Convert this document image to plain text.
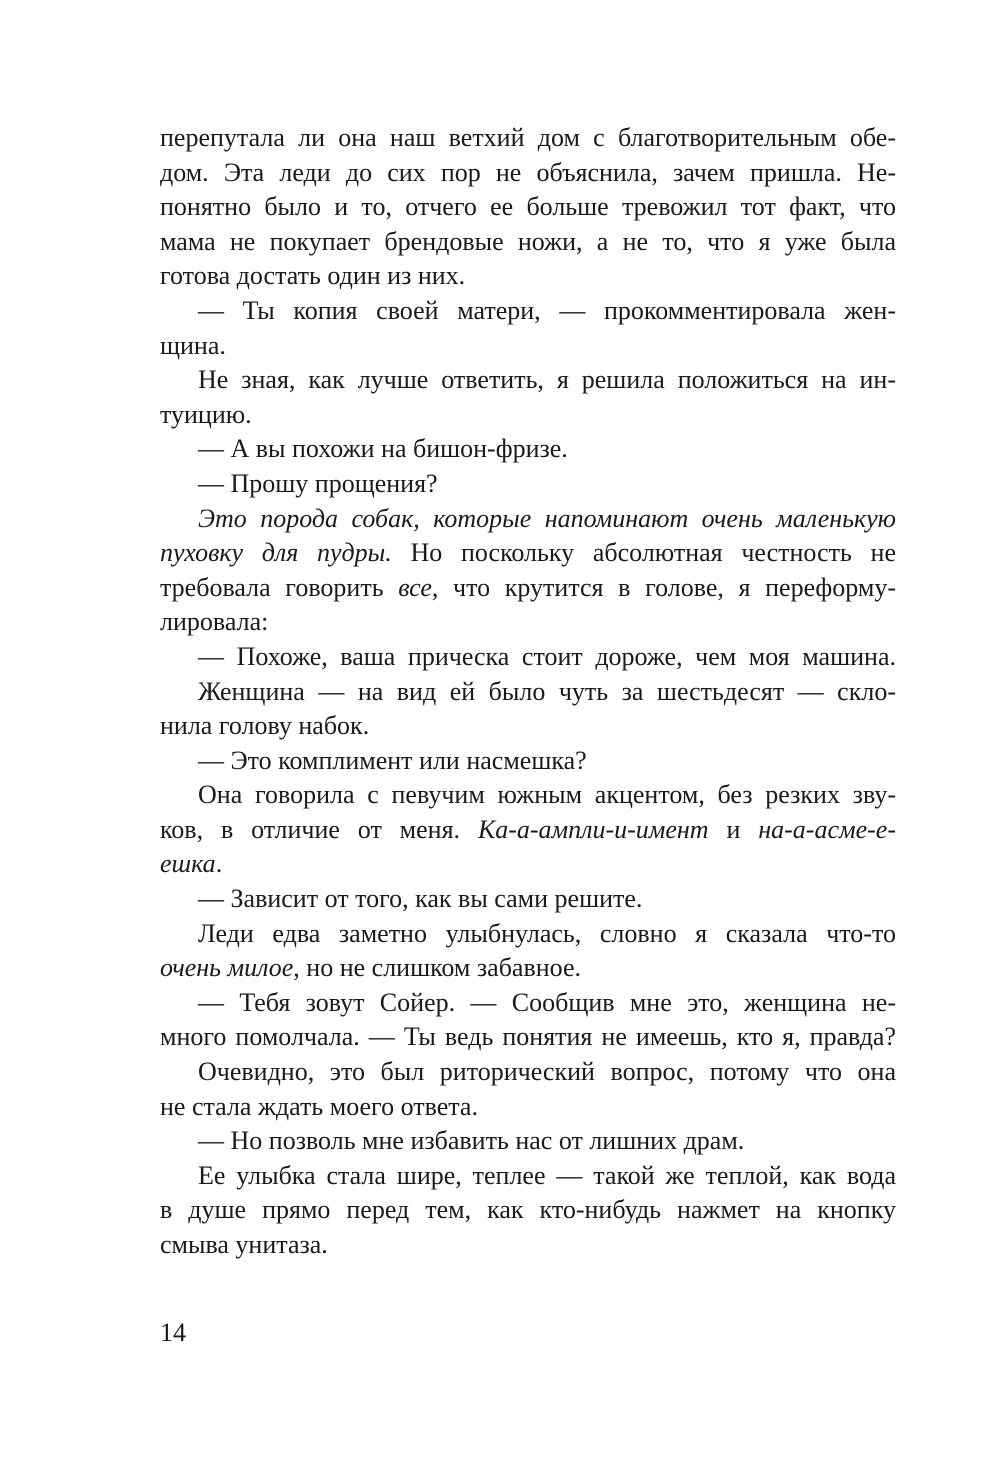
перепутала ли она наш ветхий дом с благотворительным обе-
дом. Эта леди до сих пор не объяснила, зачем пришла. Не-
понятно было и то, отчего ее больше тревожил тот факт, что
мама не покупает брендовые ножи, а не то, что я уже была
готова достать один из них.
— Ты копия своей матери, — прокомментировала жен-
щина.
Не зная, как лучше ответить, я решила положиться на ин-
туицию.
— А вы похожи на бишон-фризе.
— Прошу прощения?
Это порода собак, которые напоминают очень маленькую
пуховку для пудры. Но поскольку абсолютная честность не
требовала говорить все, что крутится в голове, я переформу-
лировала:
— Похоже, ваша прическа стоит дороже, чем моя машина.
Женщина — на вид ей было чуть за шестьдесят — скло-
нила голову набок.
— Это комплимент или насмешка?
Она говорила с певучим южным акцентом, без резких зву-
ков, в отличие от меня. Ка-а-ампли-и-имент и на-а-асме-е-
ешка.
— Зависит от того, как вы сами решите.
Леди едва заметно улыбнулась, словно я сказала что-то
очень милое, но не слишком забавное.
— Тебя зовут Сойер. — Сообщив мне это, женщина не-
много помолчала. — Ты ведь понятия не имеешь, кто я, правда?
Очевидно, это был риторический вопрос, потому что она
не стала ждать моего ответа.
— Но позволь мне избавить нас от лишних драм.
Ее улыбка стала шире, теплее — такой же теплой, как вода
в душе прямо перед тем, как кто-нибудь нажмет на кнопку
смыва унитаза.
14
